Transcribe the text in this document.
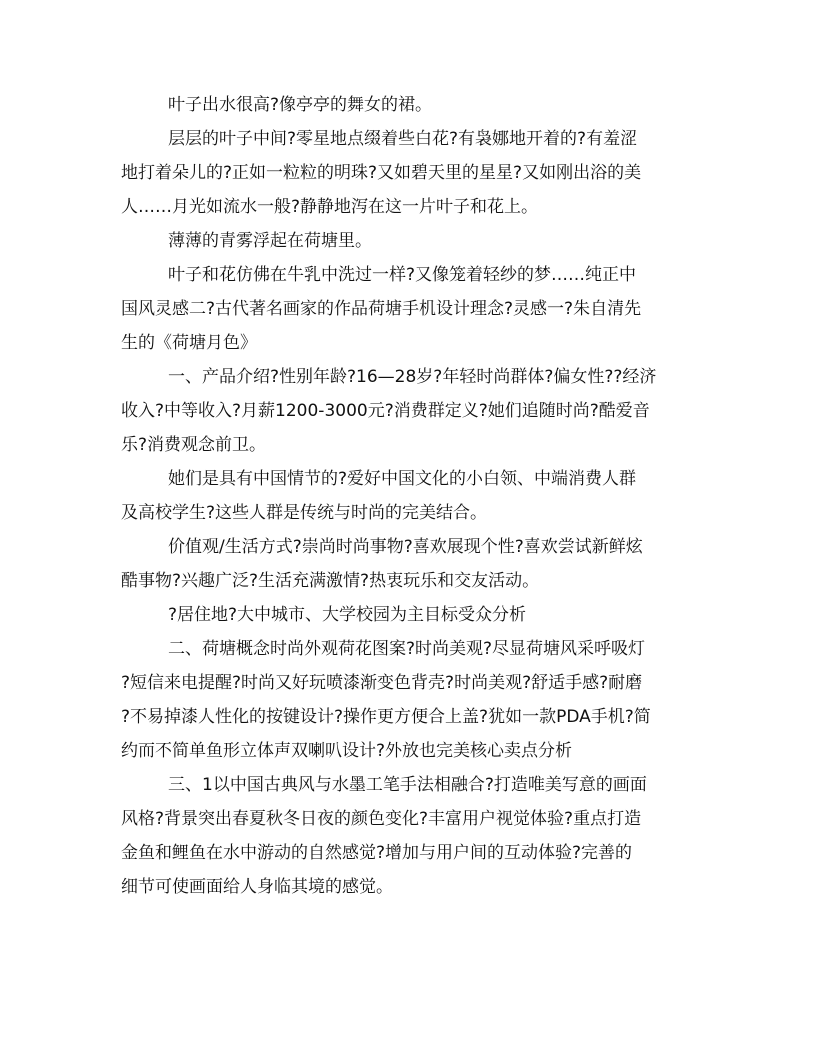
叶子出水很高?像亭亭的舞女的裙。

层层的叶子中间?零星地点缀着些白花?有袅娜地开着的?有羞涩
地打着朵儿的?正如一粒粒的明珠?又如碧天里的星星?又如刚出浴的美
人……月光如流水一般?静静地泻在这一片叶子和花上。

薄薄的青雾浮起在荷塘里。

叶子和花仿佛在牛乳中洗过一样?又像笼着轻纱的梦……纯正中
国风灵感二?古代著名画家的作品荷塘手机设计理念?灵感一?朱自清先
生的《荷塘月色》

一、产品介绍?性别年龄?16—28岁?年轻时尚群体?偏女性??经济
收入?中等收入?月薪1200-3000元?消费群定义?她们追随时尚?酷爱音
乐?消费观念前卫。

她们是具有中国情节的?爱好中国文化的小白领、中端消费人群
及高校学生?这些人群是传统与时尚的完美结合。

价值观/生活方式?崇尚时尚事物?喜欢展现个性?喜欢尝试新鲜炫
酷事物?兴趣广泛?生活充满激情?热衷玩乐和交友活动。

?居住地?大中城市、大学校园为主目标受众分析

二、荷塘概念时尚外观荷花图案?时尚美观?尽显荷塘风采呼吸灯
?短信来电提醒?时尚又好玩喷漆渐变色背壳?时尚美观?舒适手感?耐磨
?不易掉漆人性化的按键设计?操作更方便合上盖?犹如一款PDA手机?简
约而不简单鱼形立体声双喇叭设计?外放也完美核心卖点分析

三、1以中国古典风与水墨工笔手法相融合?打造唯美写意的画面
风格?背景突出春夏秋冬日夜的颜色变化?丰富用户视觉体验?重点打造
金鱼和鲤鱼在水中游动的自然感觉?增加与用户间的互动体验?完善的
细节可使画面给人身临其境的感觉。
